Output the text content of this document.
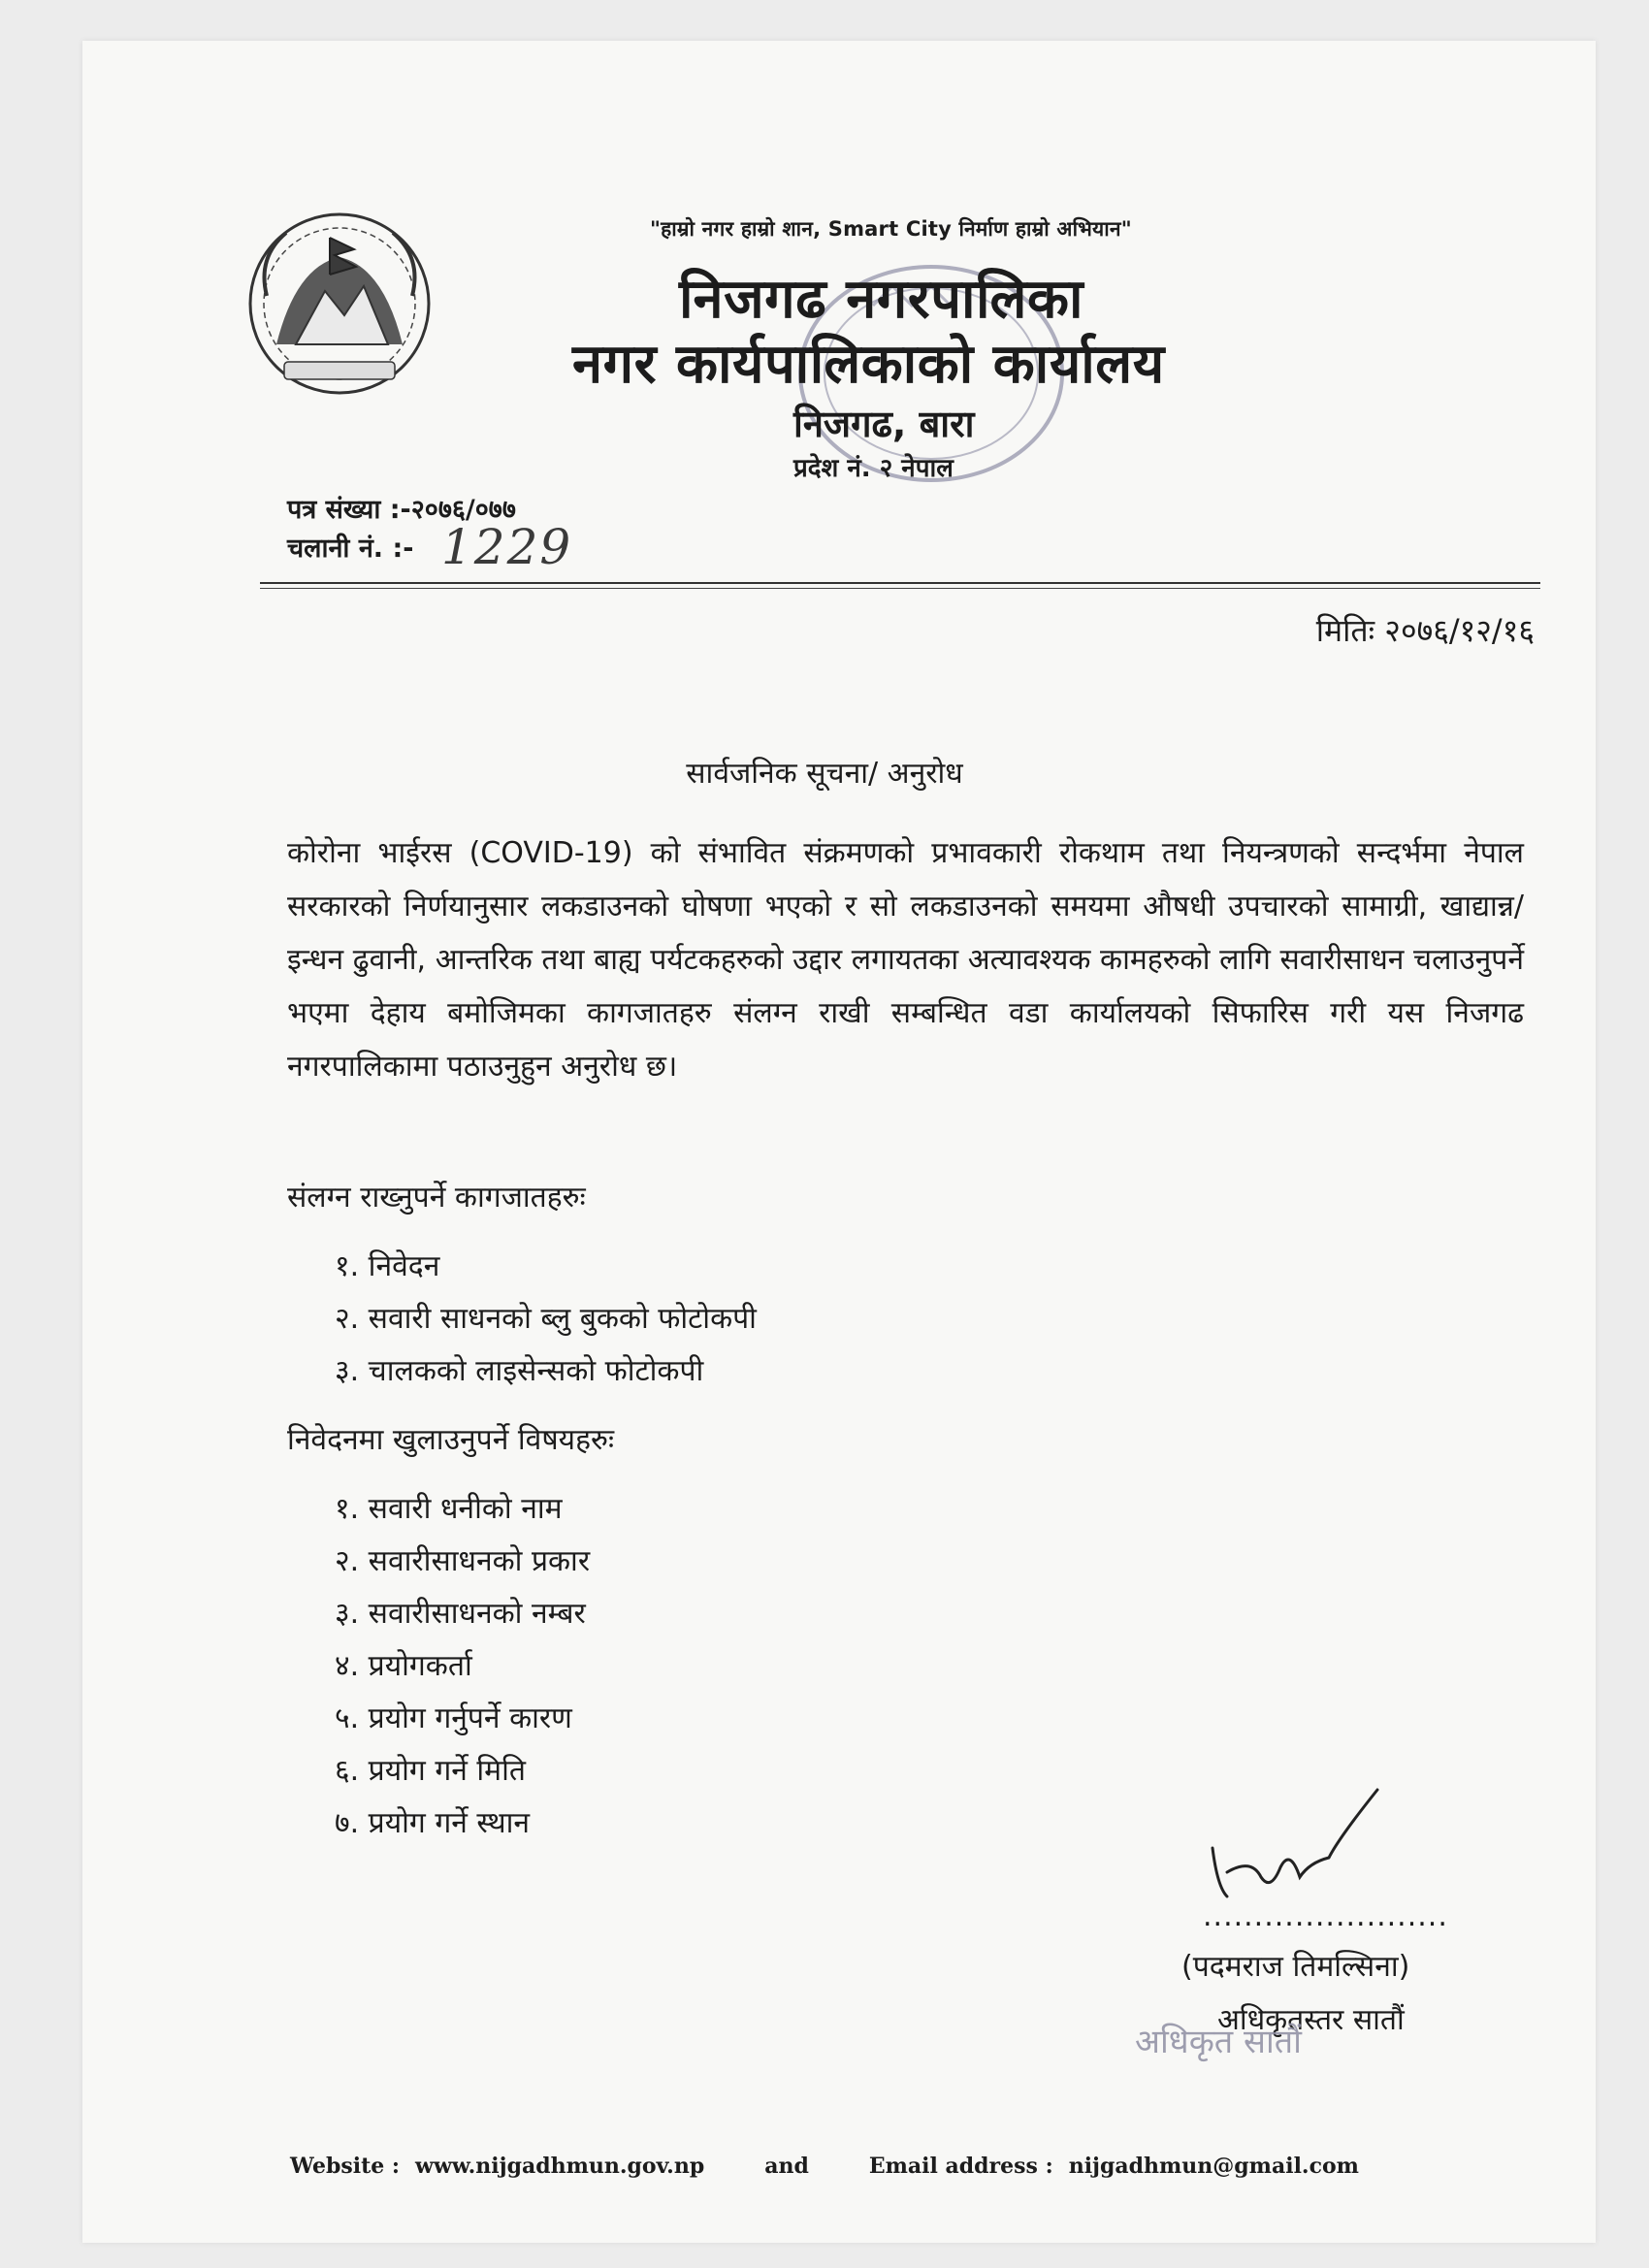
"हाम्रो नगर हाम्रो शान, Smart City निर्माण हाम्रो अभियान"
निजगढ नगरपालिका
नगर कार्यपालिकाको कार्यालय
निजगढ, बारा
प्रदेश नं. २ नेपाल
पत्र संख्या :-२०७६/०७७
चलानी नं. :- 1229
मितिः २०७६/१२/१६
सार्वजनिक सूचना/ अनुरोध
कोरोना भाईरस (COVID-19) को संभावित संक्रमणको प्रभावकारी रोकथाम तथा नियन्त्रणको सन्दर्भमा नेपाल सरकारको निर्णयानुसार लकडाउनको घोषणा भएको र सो लकडाउनको समयमा औषधी उपचारको सामाग्री, खाद्यान्न/इन्धन ढुवानी, आन्तरिक तथा बाह्य पर्यटकहरुको उद्दार लगायतका अत्यावश्यक कामहरुको लागि सवारीसाधन चलाउनुपर्ने भएमा देहाय बमोजिमका कागजातहरु संलग्न राखी सम्बन्धित वडा कार्यालयको सिफारिस गरी यस निजगढ नगरपालिकामा पठाउनुहुन अनुरोध छ।
संलग्न राख्नुपर्ने कागजातहरुः
१. निवेदन
२. सवारी साधनको ब्लु बुकको फोटोकपी
३. चालकको लाइसेन्सको फोटोकपी
निवेदनमा खुलाउनुपर्ने विषयहरुः
१. सवारी धनीको नाम
२. सवारीसाधनको प्रकार
३. सवारीसाधनको नम्बर
४. प्रयोगकर्ता
५. प्रयोग गर्नुपर्ने कारण
६. प्रयोग गर्ने मिति
७. प्रयोग गर्ने स्थान
........................
(पदमराज तिमल्सिना)
अधिकृतस्तर सातौं
अधिकृत सातौं
Website : www.nijgadhmun.gov.np	and	Email address : nijgadhmun@gmail.com
